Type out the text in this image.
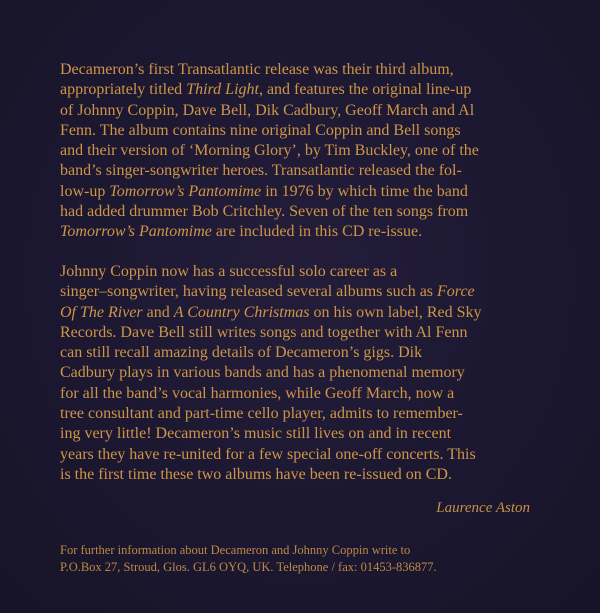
Decameron’s first Transatlantic release was their third album,
appropriately titled Third Light, and features the original line-up
of Johnny Coppin, Dave Bell, Dik Cadbury, Geoff March and Al
Fenn. The album contains nine original Coppin and Bell songs
and their version of ‘Morning Glory’, by Tim Buckley, one of the
band’s singer-songwriter heroes. Transatlantic released the fol-
low-up Tomorrow’s Pantomime in 1976 by which time the band
had added drummer Bob Critchley. Seven of the ten songs from
Tomorrow’s Pantomime are included in this CD re-issue.

Johnny Coppin now has a successful solo career as a
singer–songwriter, having released several albums such as Force
Of The River and A Country Christmas on his own label, Red Sky
Records. Dave Bell still writes songs and together with Al Fenn
can still recall amazing details of Decameron’s gigs. Dik
Cadbury plays in various bands and has a phenomenal memory
for all the band’s vocal harmonies, while Geoff March, now a
tree consultant and part-time cello player, admits to remember-
ing very little! Decameron’s music still lives on and in recent
years they have re-united for a few special one-off concerts. This
is the first time these two albums have been re-issued on CD.

Laurence Aston

For further information about Decameron and Johnny Coppin write to
P.O.Box 27, Stroud, Glos. GL6 OYQ, UK. Telephone / fax: 01453-836877.
